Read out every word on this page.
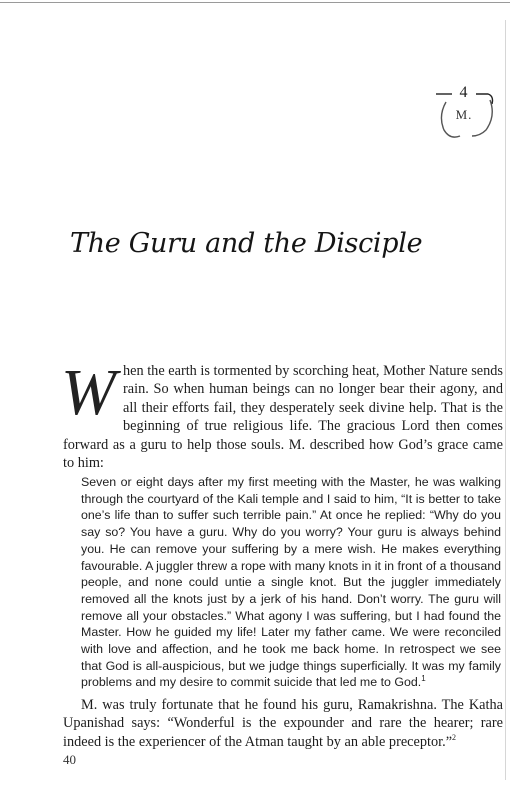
4
M.
The Guru and the Disciple

When the earth is tormented by scorching heat, Mother Nature sends rain. So when human beings can no longer bear their agony, and all their efforts fail, they desperately seek divine help. That is the beginning of true religious life. The gracious Lord then comes forward as a guru to help those souls. M. described how God’s grace came to him:

Seven or eight days after my first meeting with the Master, he was walking through the courtyard of the Kali temple and I said to him, “It is better to take one’s life than to suffer such terrible pain.” At once he replied: “Why do you say so? You have a guru. Why do you worry? Your guru is always behind you. He can remove your suffering by a mere wish. He makes everything favourable. A juggler threw a rope with many knots in it in front of a thousand people, and none could untie a single knot. But the juggler immediately removed all the knots just by a jerk of his hand. Don’t worry. The guru will remove all your obstacles.” What agony I was suffering, but I had found the Master. How he guided my life! Later my father came. We were reconciled with love and affection, and he took me back home. In retrospect we see that God is all-auspicious, but we judge things superficially. It was my family problems and my desire to commit suicide that led me to God.$^1$

M. was truly fortunate that he found his guru, Ramakrishna. The Katha Upanishad says: “Wonderful is the expounder and rare the hearer; rare indeed is the experiencer of the Atman taught by an able preceptor.”$^2$

40
